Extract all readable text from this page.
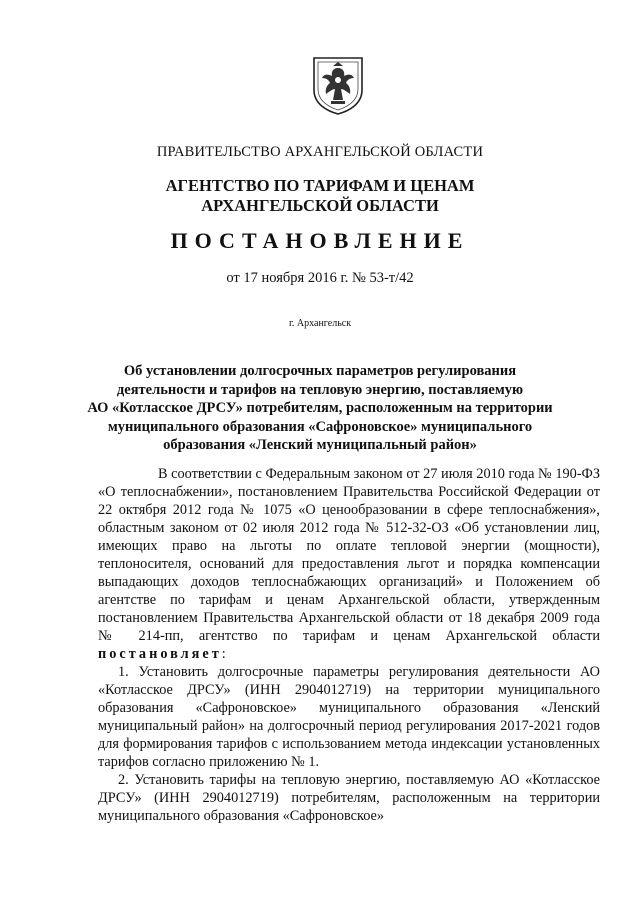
ПРАВИТЕЛЬСТВО АРХАНГЕЛЬСКОЙ ОБЛАСТИ
АГЕНТСТВО ПО ТАРИФАМ И ЦЕНАМ
АРХАНГЕЛЬСКОЙ ОБЛАСТИ
ПОСТАНОВЛЕНИЕ
от 17 ноября 2016 г. № 53-т/42
г. Архангельск
Об установлении долгосрочных параметров регулирования
деятельности и тарифов на тепловую энергию, поставляемую
АО «Котласское ДРСУ» потребителям, расположенным на территории
муниципального образования «Сафроновское» муниципального
образования «Ленский муниципальный район»

В соответствии с Федеральным законом от 27 июля 2010 года № 190-ФЗ «О теплоснабжении», постановлением Правительства Российской Федерации от 22 октября 2012 года № 1075 «О ценообразовании в сфере теплоснабжения», областным законом от 02 июля 2012 года № 512-32-ОЗ «Об установлении лиц, имеющих право на льготы по оплате тепловой энергии (мощности), теплоносителя, оснований для предоставления льгот и порядка компенсации выпадающих доходов теплоснабжающих организаций» и Положением об агентстве по тарифам и ценам Архангельской области, утвержденным постановлением Правительства Архангельской области от 18 декабря 2009 года № 214-пп, агентство по тарифам и ценам Архангельской области постановляет:

1. Установить долгосрочные параметры регулирования деятельности АО «Котласское ДРСУ» (ИНН 2904012719) на территории муниципального образования «Сафроновское» муниципального образования «Ленский муниципальный район» на долгосрочный период регулирования 2017-2021 годов для формирования тарифов с использованием метода индексации установленных тарифов согласно приложению № 1.

2. Установить тарифы на тепловую энергию, поставляемую АО «Котласское ДРСУ» (ИНН 2904012719) потребителям, расположенным на территории муниципального образования «Сафроновское»
